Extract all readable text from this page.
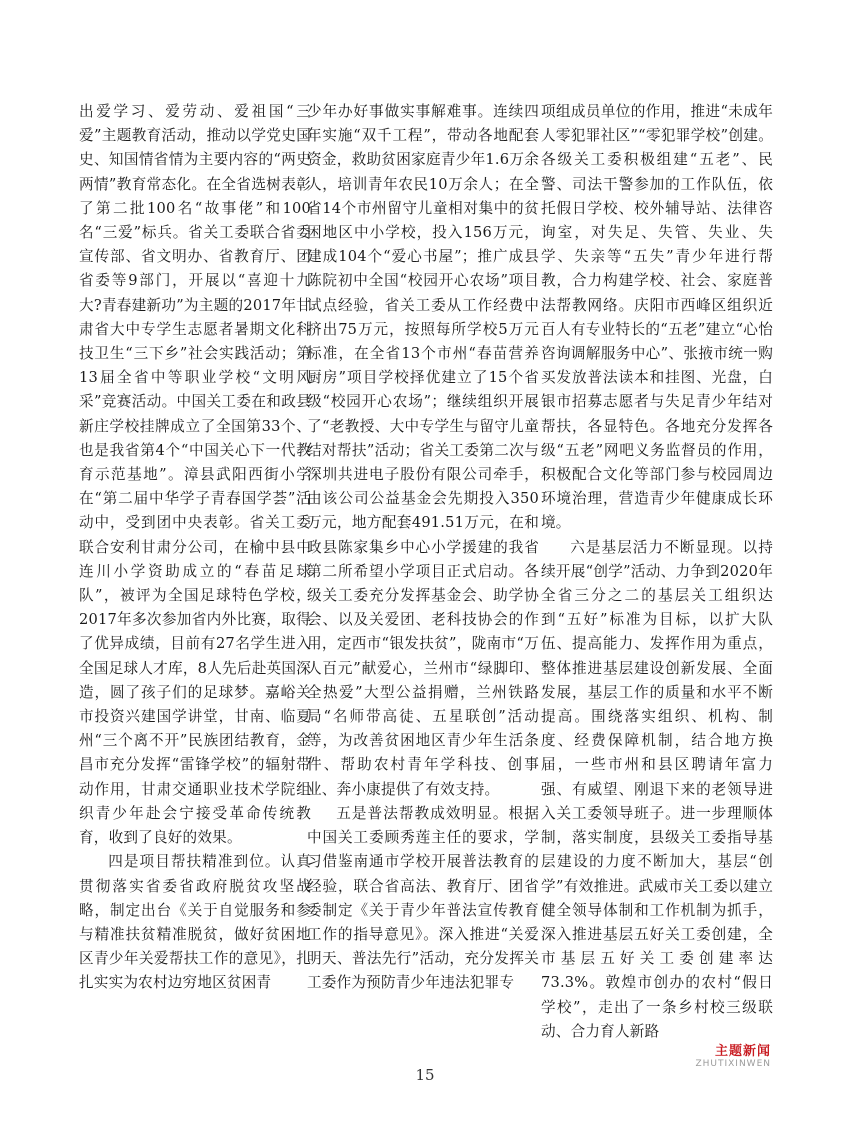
出爱学习、爱劳动、爱祖国“三爱”主题教育活动，推动以学党史国史、知国情省情为主要内容的“两史两情”教育常态化。在全省选树表彰了第二批100名“故事佬”和100名“三爱”标兵。省关工委联合省委宣传部、省文明办、省教育厅、团省委等9部门，开展以“喜迎十九大?青春建新功”为主题的2017年甘肃省大中专学生志愿者暑期文化科技卫生“三下乡”社会实践活动；第13届全省中等职业学校“文明风采”竞赛活动。中国关工委在和政县新庄学校挂牌成立了全国第33个、也是我省第4个“中国关心下一代教育示范基地”。漳县武阳西街小学在“第二届中华学子青春国学荟”活动中，受到团中央表彰。省关工委联合安利甘肃分公司，在榆中县中连川小学资助成立的“春苗足球队”，被评为全国足球特色学校，2017年多次参加省内外比赛，取得了优异成绩，目前有27名学生进入全国足球人才库，8人先后赴英国深造，圆了孩子们的足球梦。嘉峪关市投资兴建国学讲堂，甘南、临夏州“三个离不开”民族团结教育，金昌市充分发挥“雷锋学校”的辐射带动作用，甘肃交通职业技术学院组织青少年赴会宁接受革命传统教育，收到了良好的效果。

四是项目帮扶精准到位。认真贯彻落实省委省政府脱贫攻坚战略，制定出台《关于自觉服务和参与精准扶贫精准脱贫，做好贫困地区青少年关爱帮扶工作的意见》，扎扎实实为农村边穷地区贫困青

少年办好事做实事解难事。连续四年实施“双千工程”，带动各地配套资金，救助贫困家庭青少年1.6万余人，培训青年农民10万余人；在全省14个市州留守儿童相对集中的贫困地区中小学校，投入156万元，建成104个“爱心书屋”；推广成县陈院初中全国“校园开心农场”项目试点经验，省关工委从工作经费中挤出75万元，按照每所学校5万元标准，在全省13个市州“春苗营养厨房”项目学校择优建立了15个省级“校园开心农场”；继续组织开展了“老教授、大中专学生与留守儿童结对帮扶”活动；省关工委第二次与深圳共进电子股份有限公司牵手，由该公司公益基金会先期投入350万元，地方配套491.51万元，在和政县陈家集乡中心小学援建的我省第二所希望小学项目正式启动。各级关工委充分发挥基金会、助学协会、以及关爱团、老科技协会的作用，定西市“银发扶贫”，陇南市“万人百元”献爱心，兰州市“绿脚印、全热爱”大型公益捐赠，兰州铁路局“名师带高徒、五星联创”活动等，为改善贫困地区青少年生活条件、帮助农村青年学科技、创事业、奔小康提供了有效支持。

五是普法帮教成效明显。根据中国关工委顾秀莲主任的要求，学习借鉴南通市学校开展普法教育的经验，联合省高法、教育厅、团省委制定《关于青少年普法宣传教育工作的指导意见》。深入推进“关爱明天、普法先行”活动，充分发挥关工委作为预防青少年违法犯罪专

项组成员单位的作用，推进“未成年人零犯罪社区”“零犯罪学校”创建。各级关工委积极组建“五老”、民警、司法干警参加的工作队伍，依托假日学校、校外辅导站、法律咨询室，对失足、失管、失业、失学、失亲等“五失”青少年进行帮教，合力构建学校、社会、家庭普法帮教网络。庆阳市西峰区组织近百人有专业特长的“五老”建立“心怡咨询调解服务中心”、张掖市统一购买发放普法读本和挂图、光盘，白银市招募志愿者与失足青少年结对帮扶，各显特色。各地充分发挥各级“五老”网吧义务监督员的作用，积极配合文化等部门参与校园周边环境治理，营造青少年健康成长环境。

六是基层活力不断显现。以持续开展“创学”活动、力争到2020年全省三分之二的基层关工组织达到“五好”标准为目标，以扩大队伍、提高能力、发挥作用为重点，整体推进基层建设创新发展、全面发展，基层工作的质量和水平不断提高。围绕落实组织、机构、制度、经费保障机制，结合地方换届，一些市州和县区聘请年富力强、有威望、刚退下来的老领导进入关工委领导班子。进一步理顺体制，落实制度，县级关工委指导基层建设的力度不断加大，基层“创学”有效推进。武威市关工委以建立健全领导体制和工作机制为抓手，深入推进基层五好关工委创建，全市基层五好关工委创建率达73.3%。敦煌市创办的农村“假日学校”，走出了一条乡村校三级联动、合力育人新路

主题新闻
ZHUTIXINWEN
15
